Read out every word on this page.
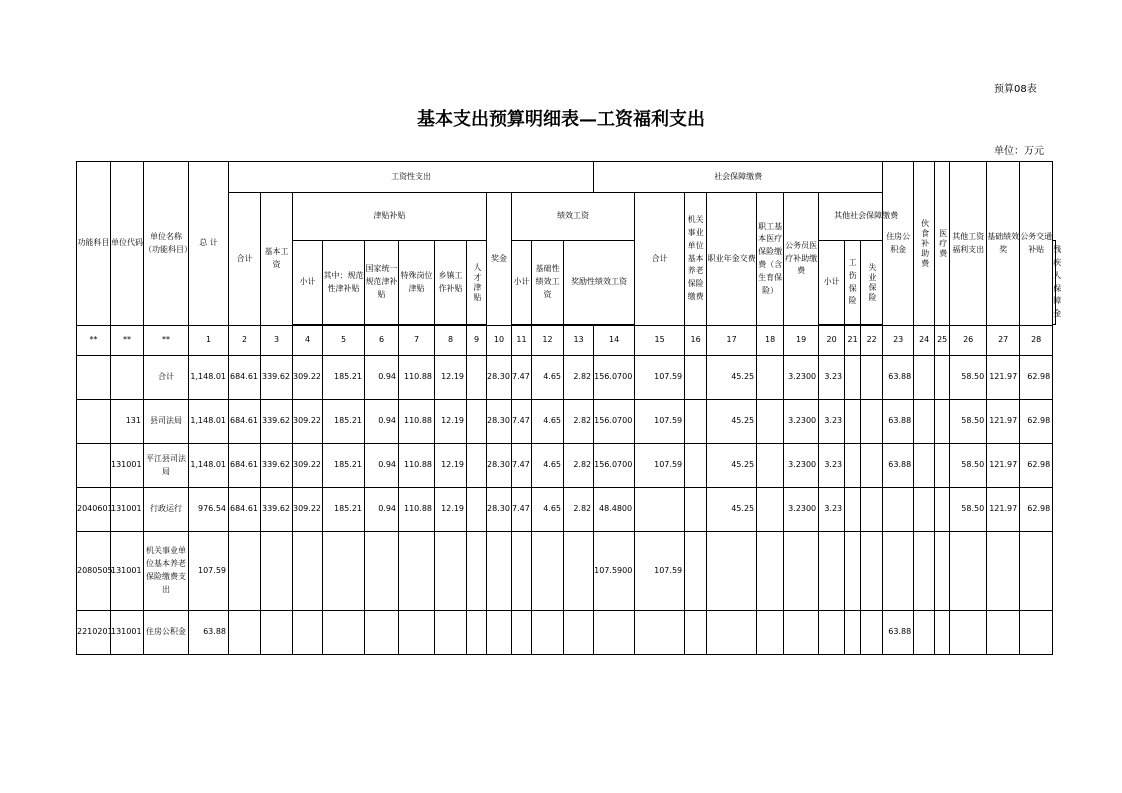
预算08表
基本支出预算明细表—工资福利支出
单位：万元
功能科目	单位代码	单位名称（功能科目）	总 计	工资性支出												社会保障缴费									住房公积金	伙食补助费	医疗费	其他工资福利支出	基础绩效奖	公务交通补贴	
				合计	基本工资	津贴补贴						奖金	绩效工资				合计	机关事业单位基本养老保险缴费	职业年金交费	职工基本医疗保险缴费（含生育保险）	公务员医疗补助缴费	其他社会保障缴费									
						小计	其中：规范性津补贴	国家统一规范津补贴	特殊岗位津贴	乡镇工作补贴	人才津贴		小计	基础性绩效工资	奖励性绩效工资							小计	工伤保险	失业保险							残疾人保障金

**	**	**	1	2	3	4	5	6	7	8	9	10	11	12	13	14	15	16	17	18	19	20	21	22	23	24	25	26	27	28	
		合计	1,148.01	684.61	339.62	309.22	185.21	0.94	110.88	12.19		28.30	7.47	4.65	2.82	156.0700	107.59		45.25		3.2300	3.23			63.88			58.50	121.97	62.98	
	131	县司法局	1,148.01	684.61	339.62	309.22	185.21	0.94	110.88	12.19		28.30	7.47	4.65	2.82	156.0700	107.59		45.25		3.2300	3.23			63.88			58.50	121.97	62.98	
	131001	平江县司法局	1,148.01	684.61	339.62	309.22	185.21	0.94	110.88	12.19		28.30	7.47	4.65	2.82	156.0700	107.59		45.25		3.2300	3.23			63.88			58.50	121.97	62.98	
2040601	131001	行政运行	976.54	684.61	339.62	309.22	185.21	0.94	110.88	12.19		28.30	7.47	4.65	2.82	48.4800			45.25		3.2300	3.23						58.50	121.97	62.98	
2080505	131001	机关事业单位基本养老保险缴费支出	107.59													107.5900	107.59														
2210201	131001	住房公积金	63.88																						63.88						
